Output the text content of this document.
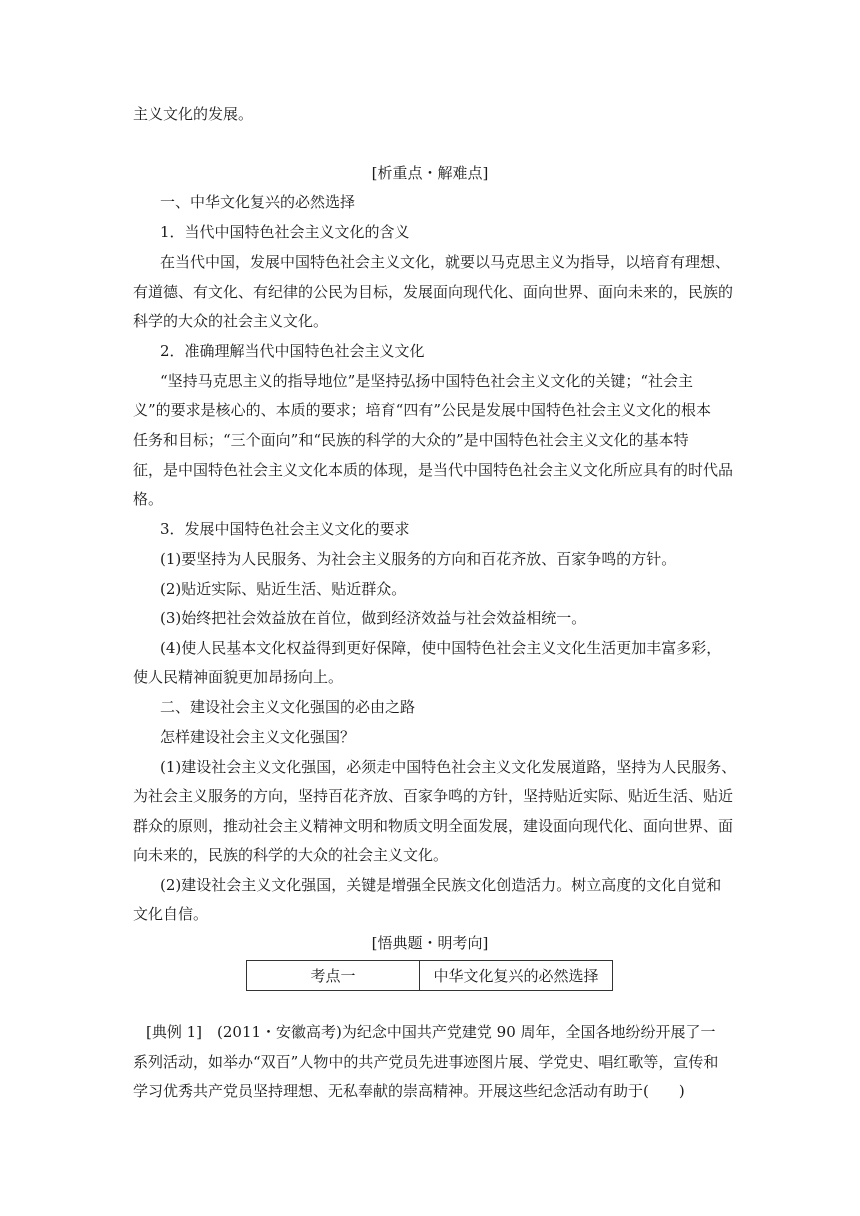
主义文化的发展。
[析重点・解难点]
一、中华文化复兴的必然选择
1．当代中国特色社会主义文化的含义
在当代中国，发展中国特色社会主义文化，就要以马克思主义为指导，以培育有理想、
有道德、有文化、有纪律的公民为目标，发展面向现代化、面向世界、面向未来的，民族的
科学的大众的社会主义文化。
2．准确理解当代中国特色社会主义文化
“坚持马克思主义的指导地位”是坚持弘扬中国特色社会主义文化的关键；“社会主
义”的要求是核心的、本质的要求；培育“四有”公民是发展中国特色社会主义文化的根本
任务和目标；“三个面向”和“民族的科学的大众的”是中国特色社会主义文化的基本特
征，是中国特色社会主义文化本质的体现，是当代中国特色社会主义文化所应具有的时代品
格。
3．发展中国特色社会主义文化的要求
(1)要坚持为人民服务、为社会主义服务的方向和百花齐放、百家争鸣的方针。
(2)贴近实际、贴近生活、贴近群众。
(3)始终把社会效益放在首位，做到经济效益与社会效益相统一。
(4)使人民基本文化权益得到更好保障，使中国特色社会主义文化生活更加丰富多彩，
使人民精神面貌更加昂扬向上。
二、建设社会主义文化强国的必由之路
怎样建设社会主义文化强国？
(1)建设社会主义文化强国，必须走中国特色社会主义文化发展道路，坚持为人民服务、
为社会主义服务的方向，坚持百花齐放、百家争鸣的方针，坚持贴近实际、贴近生活、贴近
群众的原则，推动社会主义精神文明和物质文明全面发展，建设面向现代化、面向世界、面
向未来的，民族的科学的大众的社会主义文化。
(2)建设社会主义文化强国，关键是增强全民族文化创造活力。树立高度的文化自觉和
文化自信。
[悟典题・明考向]
考点一	中华文化复兴的必然选择
[典例 1]　(2011・安徽高考)为纪念中国共产党建党 90 周年，全国各地纷纷开展了一
系列活动，如举办“双百”人物中的共产党员先进事迹图片展、学党史、唱红歌等，宣传和
学习优秀共产党员坚持理想、无私奉献的崇高精神。开展这些纪念活动有助于(　　)
